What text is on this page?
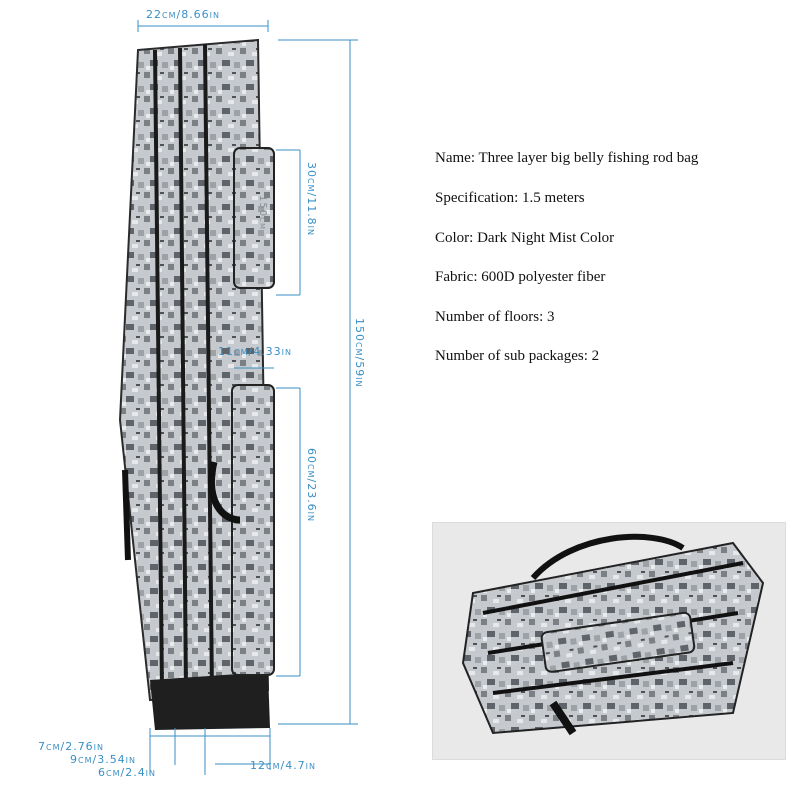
22cm/8.66in
30cm/11.8in
150cm
150cm/59in
11cm/4.33in
60cm/23.6in
7cm/2.76in
9cm/3.54in
6cm/2.4in
12cm/4.7in
Name: Three layer big belly fishing rod bag
Specification: 1.5 meters
Color: Dark Night Mist Color
Fabric: 600D polyester fiber
Number of floors: 3
Number of sub packages: 2
